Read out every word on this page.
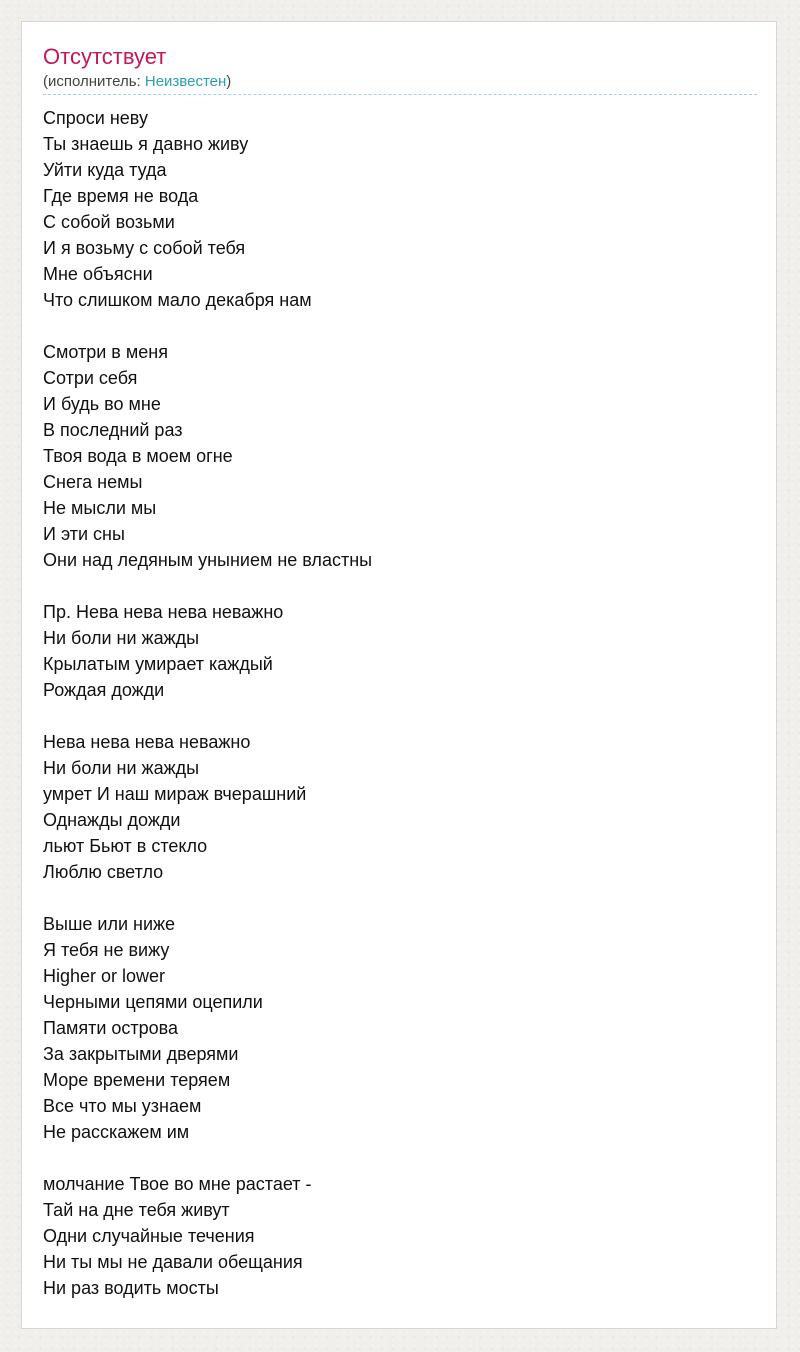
Отсутствует
(исполнитель: Неизвестен)
Спроси неву
Ты знаешь я давно живу
Уйти куда туда
Где время не вода
С собой возьми
И я возьму с собой тебя
Мне объясни
Что слишком мало декабря нам
Смотри в меня
Сотри себя
И будь во мне
В последний раз
Твоя вода в моем огне
Снега немы
Не мысли мы
И эти сны
Они над ледяным унынием не властны
Пр. Нева нева нева неважно
Ни боли ни жажды
Крылатым умирает каждый
Рождая дожди
Нева нева нева неважно
Ни боли ни жажды
умрет И наш мираж вчерашний
Однажды дожди
льют Бьют в стекло
Люблю светло
Выше или ниже
Я тебя не вижу
Higher or lower
Черными цепями оцепили
Памяти острова
За закрытыми дверями
Море времени теряем
Все что мы узнаем
Не расскажем им
молчание Твое во мне растает -
Тай на дне тебя живут
Одни случайные течения
Ни ты мы не давали обещания
Ни раз водить мосты
